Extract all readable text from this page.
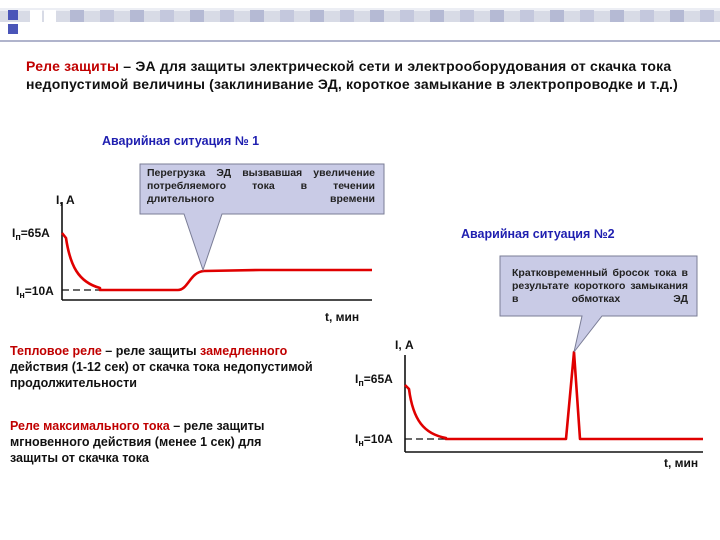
Реле защиты – ЭА для защиты электрической сети и электрооборудования от скачка тока недопустимой величины (заклинивание ЭД, короткое замыкание в электропроводке и т.д.)
Аварийная ситуация № 1
Перегрузка ЭД вызвавшая увеличение потребляемого тока в течении длительного времени
I, А
$I_п=65А$
$I_н=10А$
t, мин
Аварийная ситуация №2
Кратковременный бросок тока в результате короткого замыкания в обмотках ЭД
I, А
$I_п=65А$
$I_н=10А$
t, мин
Тепловое реле – реле защиты замедленного действия (1-12 сек) от скачка тока недопустимой продолжительности
Реле максимального тока – реле защиты мгновенного действия (менее 1 сек) для защиты от скачка тока
